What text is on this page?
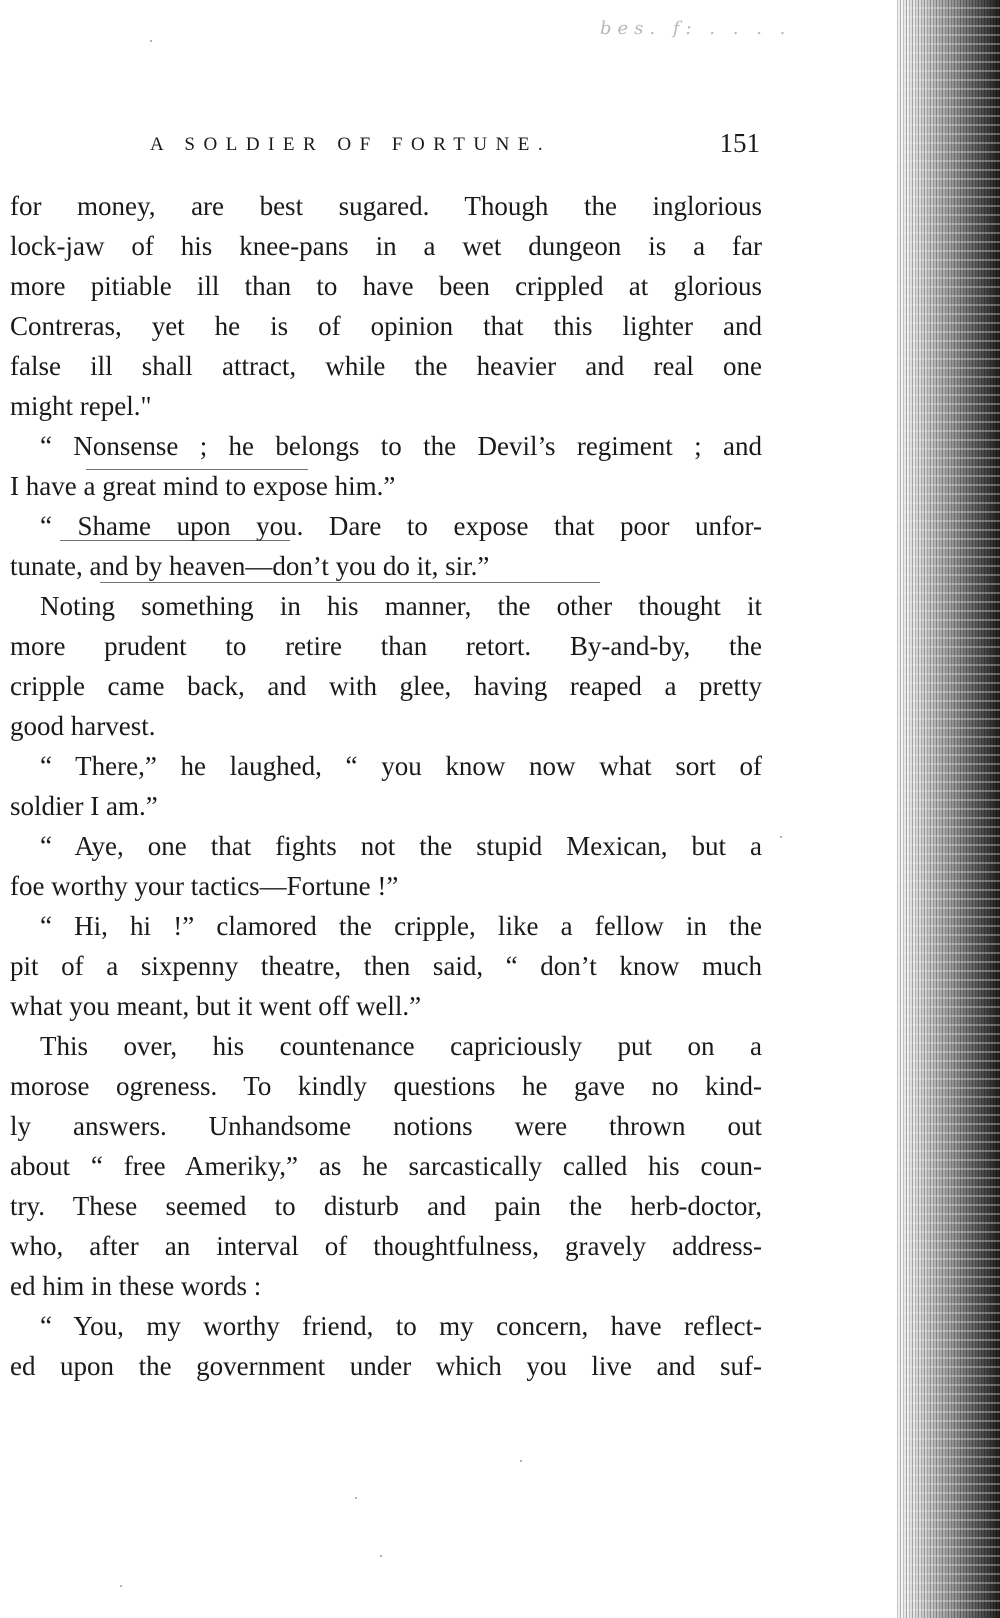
bes. f: . . . .
A SOLDIER OF FORTUNE.	151
for money, are best sugared. Though the inglorious
lock-jaw of his knee-pans in a wet dungeon is a far
more pitiable ill than to have been crippled at glorious
Contreras, yet he is of opinion that this lighter and
false ill shall attract, while the heavier and real one
might repel."
“ Nonsense ; he belongs to the Devil’s regiment ; and
I have a great mind to expose him.”
“ Shame upon you. Dare to expose that poor unfor-
tunate, and by heaven—don’t you do it, sir.”
Noting something in his manner, the other thought it
more prudent to retire than retort. By-and-by, the
cripple came back, and with glee, having reaped a pretty
good harvest.
“ There,” he laughed, “ you know now what sort of
soldier I am.”
“ Aye, one that fights not the stupid Mexican, but a
foe worthy your tactics—Fortune !”
“ Hi, hi !” clamored the cripple, like a fellow in the
pit of a sixpenny theatre, then said, “ don’t know much
what you meant, but it went off well.”
This over, his countenance capriciously put on a
morose ogreness. To kindly questions he gave no kind-
ly answers. Unhandsome notions were thrown out
about “ free Ameriky,” as he sarcastically called his coun-
try. These seemed to disturb and pain the herb-doctor,
who, after an interval of thoughtfulness, gravely address-
ed him in these words :
“ You, my worthy friend, to my concern, have reflect-
ed upon the government under which you live and suf-
